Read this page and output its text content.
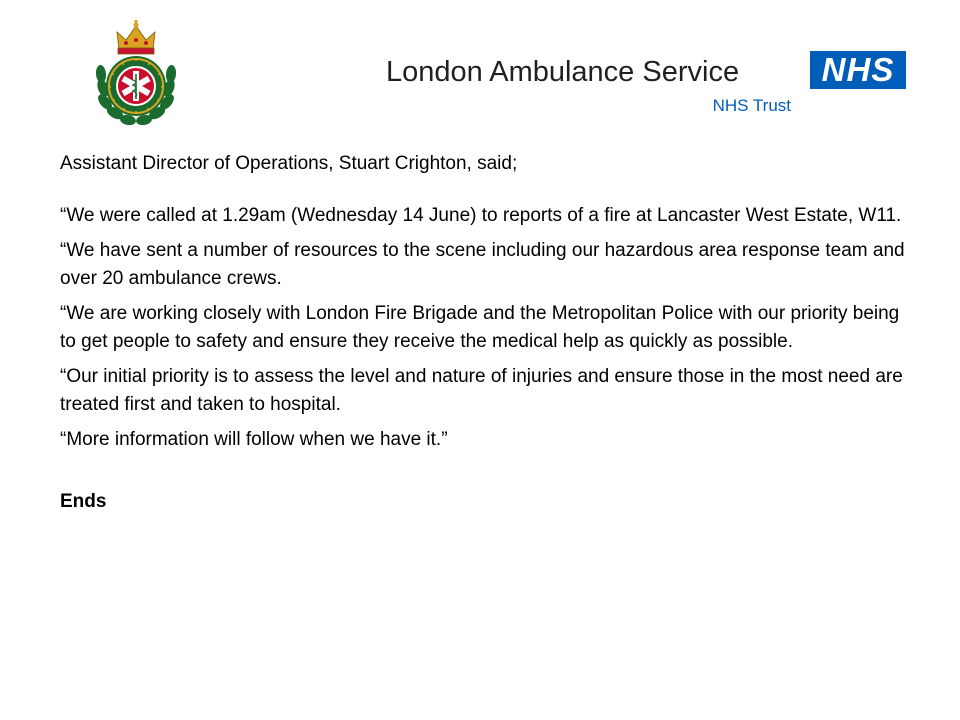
London Ambulance Service	NHS
NHS Trust

Assistant Director of Operations, Stuart Crighton, said;

“We were called at 1.29am (Wednesday 14 June) to reports of a fire at Lancaster West Estate, W11.

“We have sent a number of resources to the scene including our hazardous area response team and over 20 ambulance crews.

“We are working closely with London Fire Brigade and the Metropolitan Police with our priority being to get people to safety and ensure they receive the medical help as quickly as possible.

“Our initial priority is to assess the level and nature of injuries and ensure those in the most need are treated first and taken to hospital.

“More information will follow when we have it.”

Ends
